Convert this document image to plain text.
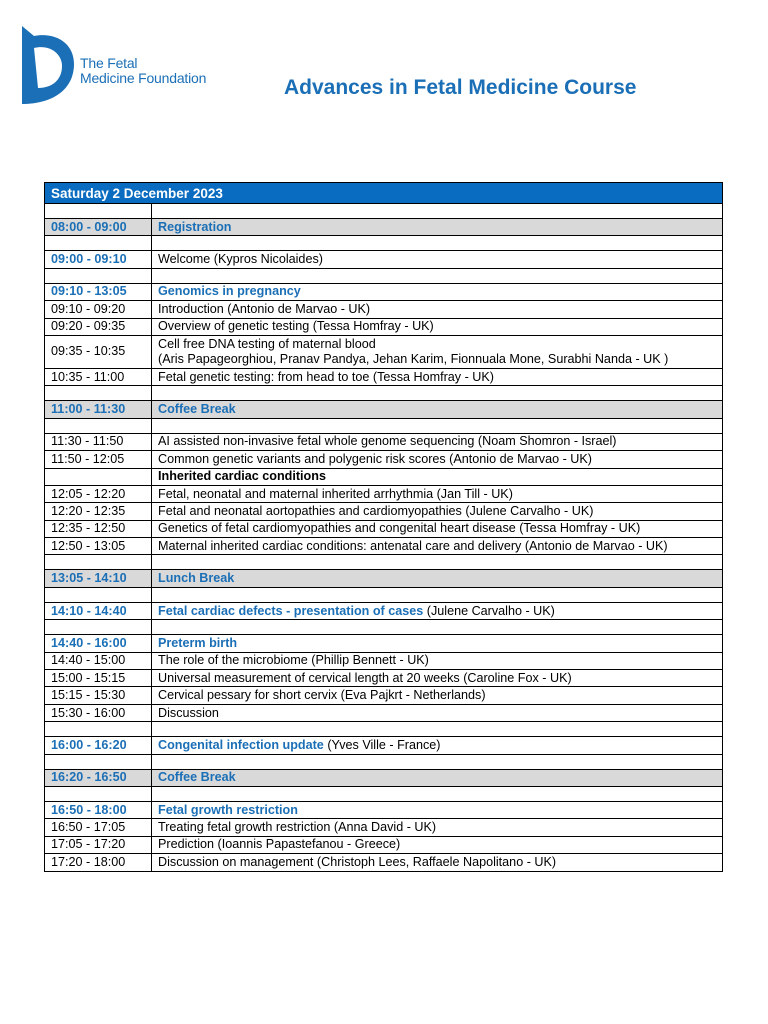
The Fetal
Medicine Foundation	Advances in Fetal Medicine Course
Saturday 2 December 2023	

08:00 - 09:00	Registration

09:00 - 09:10	Welcome (Kypros Nicolaides)

09:10 - 13:05	Genomics in pregnancy
09:10 - 09:20	Introduction (Antonio de Marvao - UK)
09:20 - 09:35	Overview of genetic testing (Tessa Homfray - UK)
09:35 - 10:35	Cell free DNA testing of maternal blood
(Aris Papageorghiou, Pranav Pandya, Jehan Karim, Fionnuala Mone, Surabhi Nanda - UK )

10:35 - 11:00	Fetal genetic testing: from head to toe (Tessa Homfray - UK)

11:00 - 11:30	Coffee Break

11:30 - 11:50	AI assisted non-invasive fetal whole genome sequencing (Noam Shomron - Israel)
11:50 - 12:05	Common genetic variants and polygenic risk scores (Antonio de Marvao - UK)
	Inherited cardiac conditions
12:05 - 12:20	Fetal, neonatal and maternal inherited arrhythmia (Jan Till - UK)
12:20 - 12:35	Fetal and neonatal aortopathies and cardiomyopathies (Julene Carvalho - UK)
12:35 - 12:50	Genetics of fetal cardiomyopathies and congenital heart disease (Tessa Homfray - UK)
12:50 - 13:05	Maternal inherited cardiac conditions: antenatal care and delivery (Antonio de Marvao - UK)

13:05 - 14:10	Lunch Break

14:10 - 14:40	Fetal cardiac defects - presentation of cases (Julene Carvalho - UK)

14:40 - 16:00	Preterm birth
14:40 - 15:00	The role of the microbiome (Phillip Bennett - UK)
15:00 - 15:15	Universal measurement of cervical length at 20 weeks (Caroline Fox - UK)
15:15 - 15:30	Cervical pessary for short cervix (Eva Pajkrt - Netherlands)
15:30 - 16:00	Discussion

16:00 - 16:20	Congenital infection update (Yves Ville - France)

16:20 - 16:50	Coffee Break

16:50 - 18:00	Fetal growth restriction
16:50 - 17:05	Treating fetal growth restriction (Anna David - UK)
17:05 - 17:20	Prediction (Ioannis Papastefanou - Greece)
17:20 - 18:00	Discussion on management (Christoph Lees, Raffaele Napolitano - UK)
